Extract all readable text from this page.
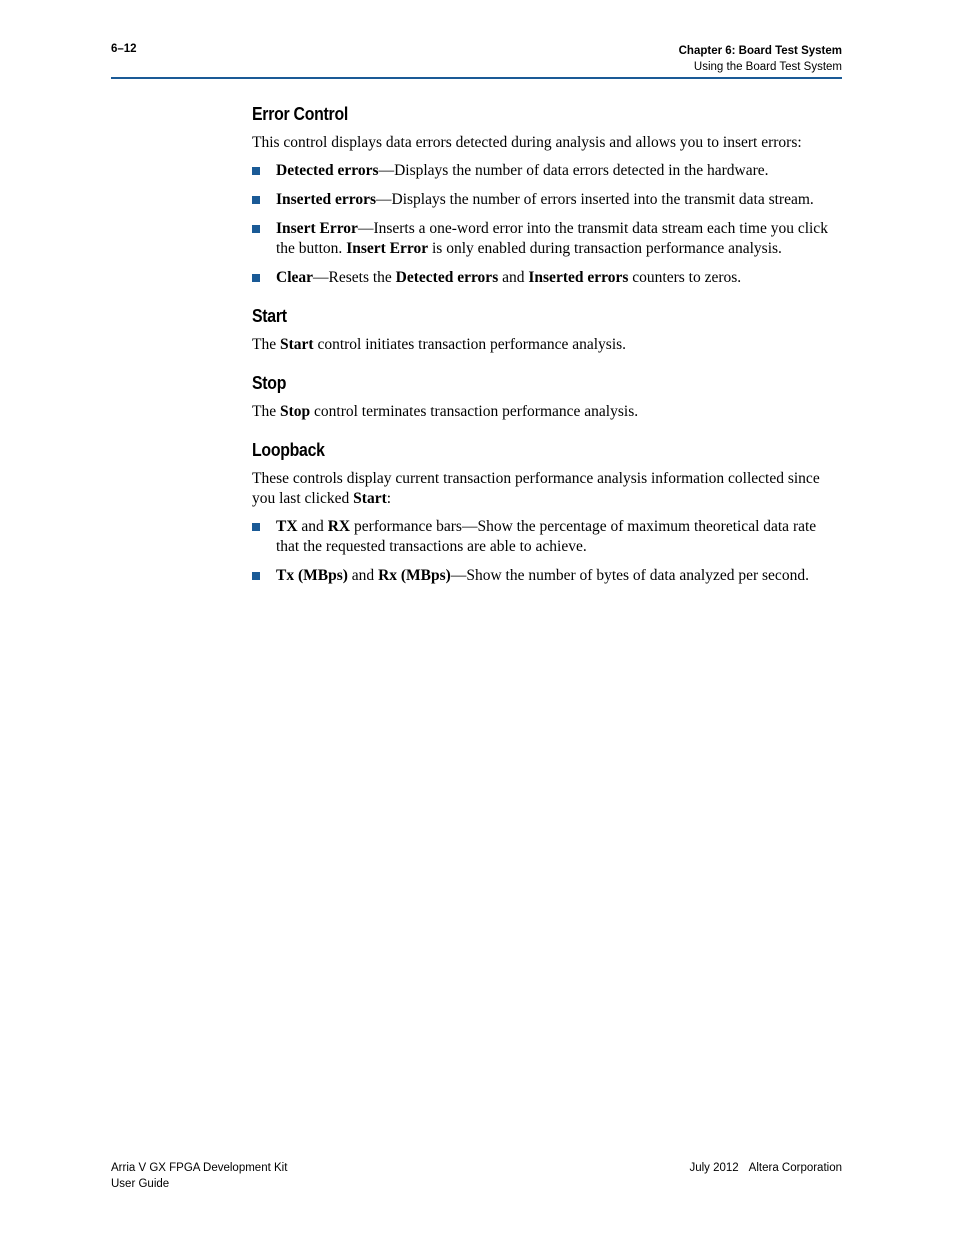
6–12	Chapter 6: Board Test System
Using the Board Test System
Error Control

This control displays data errors detected during analysis and allows you to insert errors:

Detected errors—Displays the number of data errors detected in the hardware.
Inserted errors—Displays the number of errors inserted into the transmit data stream.
Insert Error—Inserts a one-word error into the transmit data stream each time you click the button. Insert Error is only enabled during transaction performance analysis.
Clear—Resets the Detected errors and Inserted errors counters to zeros.
Start

The Start control initiates transaction performance analysis.

Stop

The Stop control terminates transaction performance analysis.

Loopback

These controls display current transaction performance analysis information collected since you last clicked Start:

TX and RX performance bars—Show the percentage of maximum theoretical data rate that the requested transactions are able to achieve.
Tx (MBps) and Rx (MBps)—Show the number of bytes of data analyzed per second.
Arria V GX FPGA Development Kit
User Guide
July 2012 Altera Corporation
